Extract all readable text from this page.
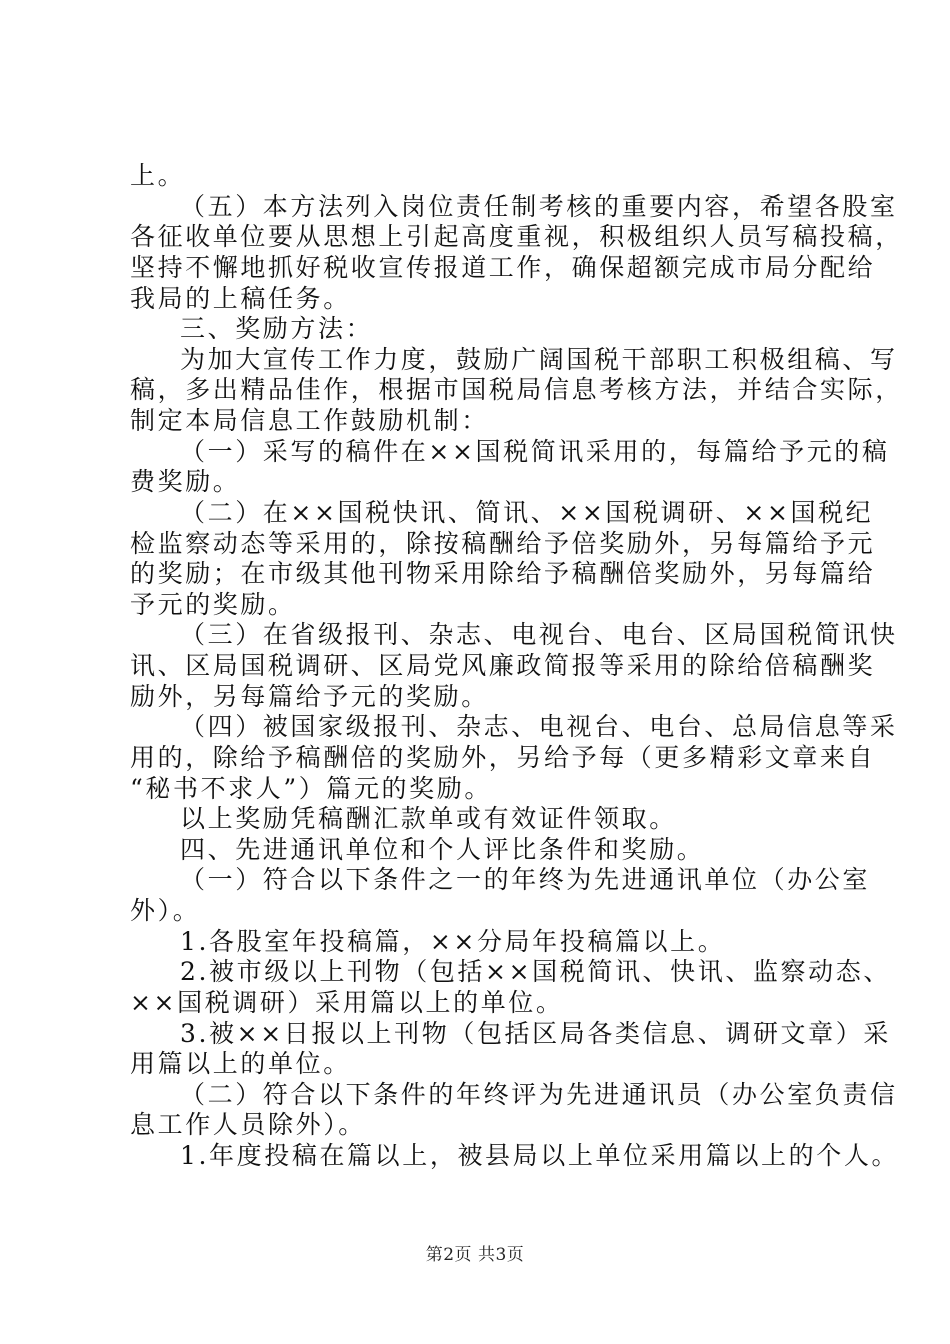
上。
（五）本方法列入岗位责任制考核的重要内容，希望各股室
各征收单位要从思想上引起高度重视，积极组织人员写稿投稿，
坚持不懈地抓好税收宣传报道工作，确保超额完成市局分配给
我局的上稿任务。
三、奖励方法：
为加大宣传工作力度，鼓励广阔国税干部职工积极组稿、写
稿，多出精品佳作，根据市国税局信息考核方法，并结合实际，
制定本局信息工作鼓励机制：
（一）采写的稿件在××国税简讯采用的，每篇给予元的稿
费奖励。
（二）在××国税快讯、简讯、××国税调研、××国税纪
检监察动态等采用的，除按稿酬给予倍奖励外，另每篇给予元
的奖励；在市级其他刊物采用除给予稿酬倍奖励外，另每篇给
予元的奖励。
（三）在省级报刊、杂志、电视台、电台、区局国税简讯快
讯、区局国税调研、区局党风廉政简报等采用的除给倍稿酬奖
励外，另每篇给予元的奖励。
（四）被国家级报刊、杂志、电视台、电台、总局信息等采
用的，除给予稿酬倍的奖励外，另给予每（更多精彩文章来自
“秘书不求人”）篇元的奖励。
以上奖励凭稿酬汇款单或有效证件领取。
四、先进通讯单位和个人评比条件和奖励。
（一）符合以下条件之一的年终为先进通讯单位（办公室
外）。
1.各股室年投稿篇，××分局年投稿篇以上。
2.被市级以上刊物（包括××国税简讯、快讯、监察动态、
××国税调研）采用篇以上的单位。
3.被××日报以上刊物（包括区局各类信息、调研文章）采
用篇以上的单位。
（二）符合以下条件的年终评为先进通讯员（办公室负责信
息工作人员除外）。
1.年度投稿在篇以上，被县局以上单位采用篇以上的个人。
第2页 共3页
